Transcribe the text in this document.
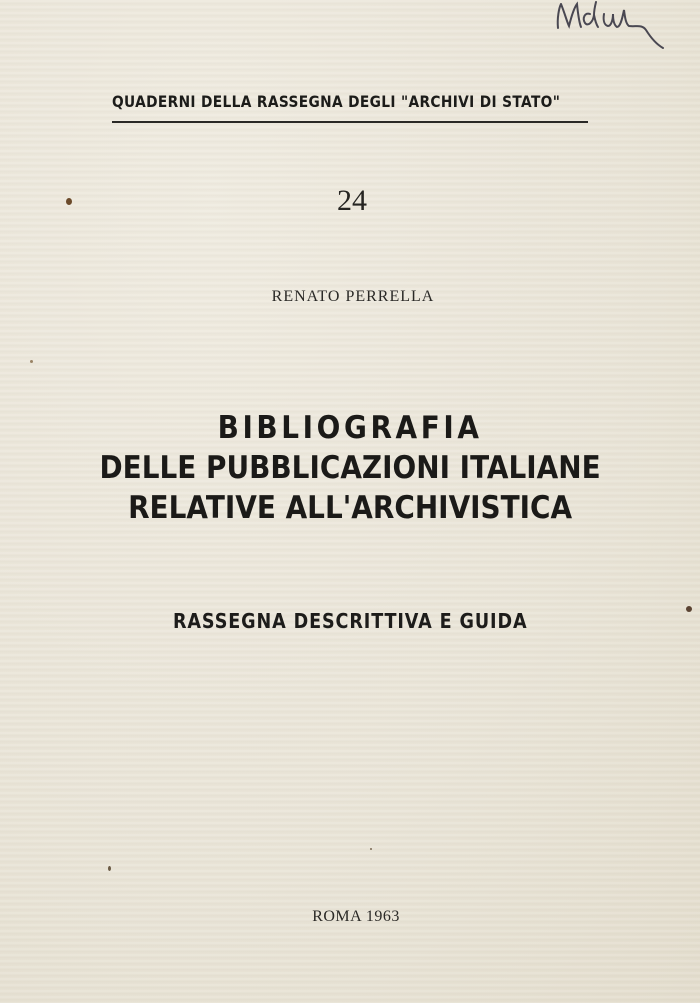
QUADERNI DELLA RASSEGNA DEGLI "ARCHIVI DI STATO"
24
RENATO PERRELLA
BIBLIOGRAFIA
DELLE PUBBLICAZIONI ITALIANE
RELATIVE ALL'ARCHIVISTICA
RASSEGNA DESCRITTIVA E GUIDA
ROMA 1963
